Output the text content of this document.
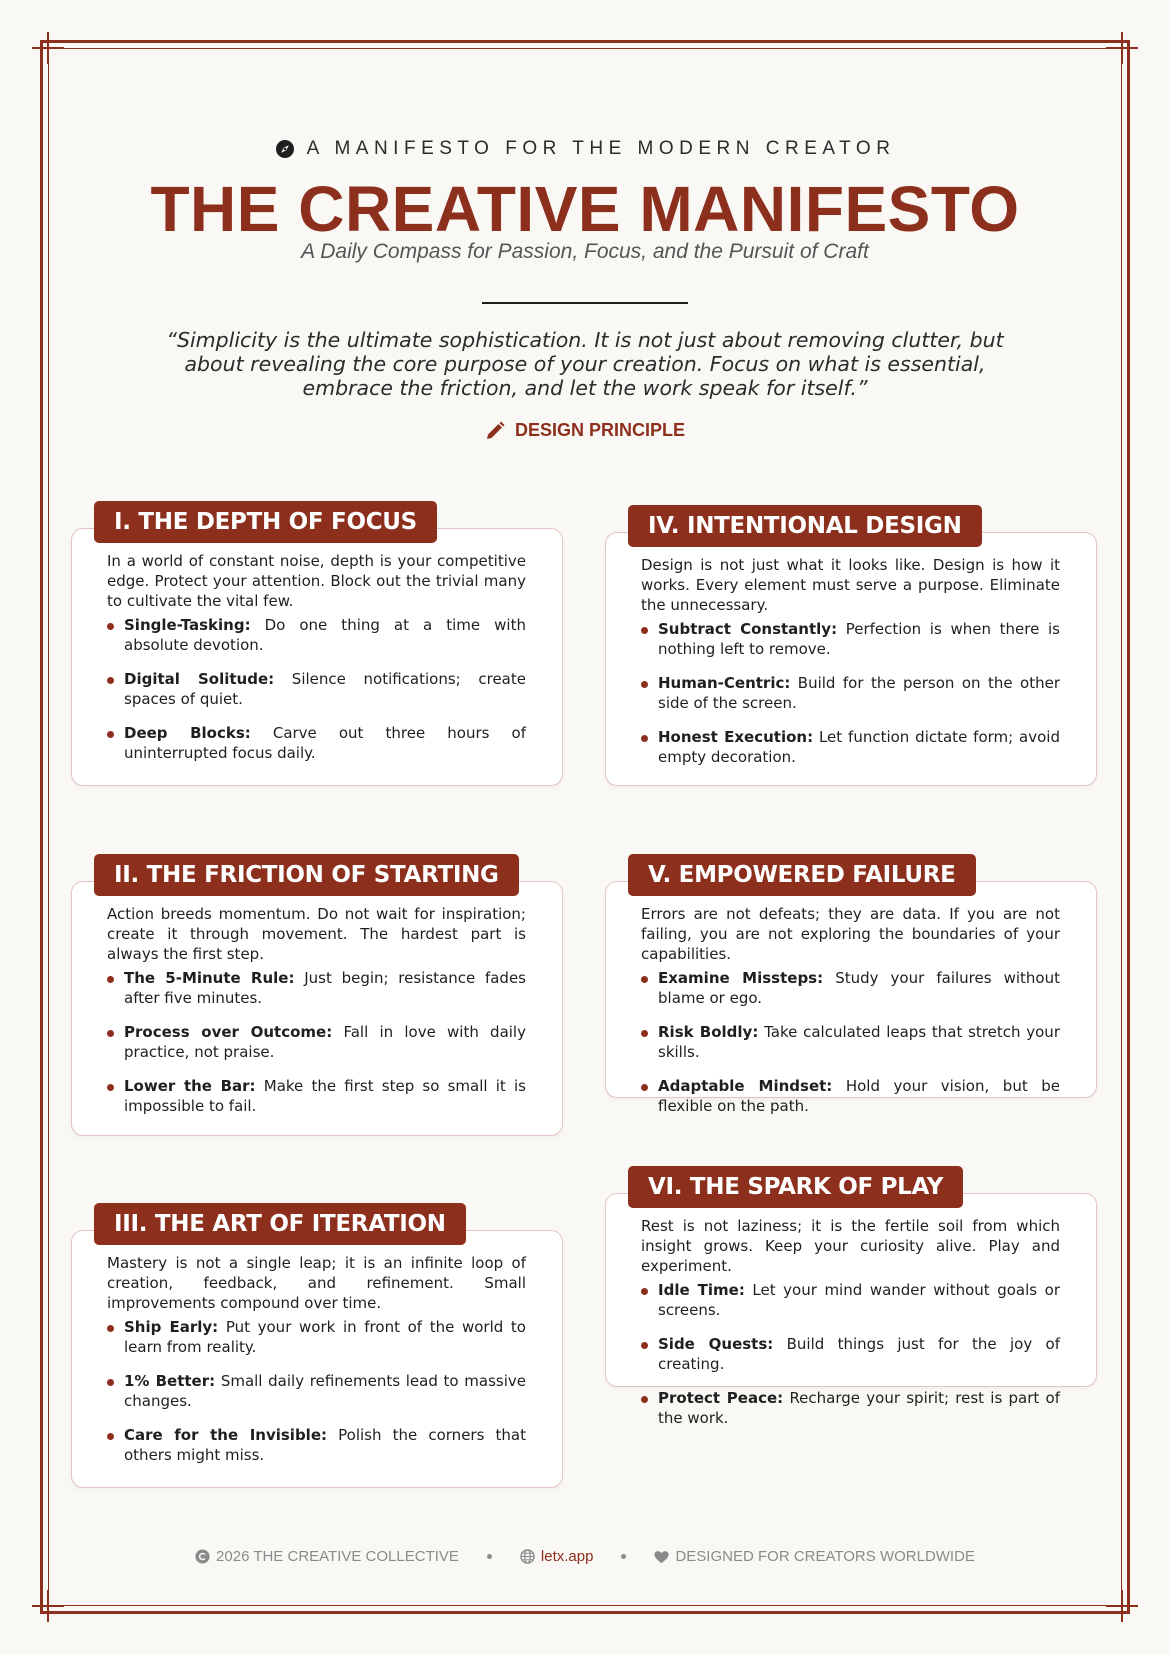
A MANIFESTO FOR THE MODERN CREATOR
THE CREATIVE MANIFESTO
A Daily Compass for Passion, Focus, and the Pursuit of Craft
“Simplicity is the ultimate sophistication. It is not just about removing clutter, but about revealing the core purpose of your creation. Focus on what is essential, embrace the friction, and let the work speak for itself.”
DESIGN PRINCIPLE
I. THE DEPTH OF FOCUS

In a world of constant noise, depth is your competitive edge. Protect your attention. Block out the trivial many to cultivate the vital few.

Single-Tasking: Do one thing at a time with absolute devotion.
Digital Solitude: Silence notifications; create spaces of quiet.
Deep Blocks: Carve out three hours of uninterrupted focus daily.
II. THE FRICTION OF STARTING

Action breeds momentum. Do not wait for inspiration; create it through movement. The hardest part is always the first step.

The 5-Minute Rule: Just begin; resistance fades after five minutes.
Process over Outcome: Fall in love with daily practice, not praise.
Lower the Bar: Make the first step so small it is impossible to fail.
III. THE ART OF ITERATION

Mastery is not a single leap; it is an infinite loop of creation, feedback, and refinement. Small improvements compound over time.

Ship Early: Put your work in front of the world to learn from reality.
1% Better: Small daily refinements lead to massive changes.
Care for the Invisible: Polish the corners that others might miss.
IV. INTENTIONAL DESIGN

Design is not just what it looks like. Design is how it works. Every element must serve a purpose. Eliminate the unnecessary.

Subtract Constantly: Perfection is when there is nothing left to remove.
Human-Centric: Build for the person on the other side of the screen.
Honest Execution: Let function dictate form; avoid empty decoration.
V. EMPOWERED FAILURE

Errors are not defeats; they are data. If you are not failing, you are not exploring the boundaries of your capabilities.

Examine Missteps: Study your failures without blame or ego.
Risk Boldly: Take calculated leaps that stretch your skills.
Adaptable Mindset: Hold your vision, but be flexible on the path.
VI. THE SPARK OF PLAY

Rest is not laziness; it is the fertile soil from which insight grows. Keep your curiosity alive. Play and experiment.

Idle Time: Let your mind wander without goals or screens.
Side Quests: Build things just for the joy of creating.
Protect Peace: Recharge your spirit; rest is part of the work.
2026 THE CREATIVE COLLECTIVE	letx.app	DESIGNED FOR CREATORS WORLDWIDE
